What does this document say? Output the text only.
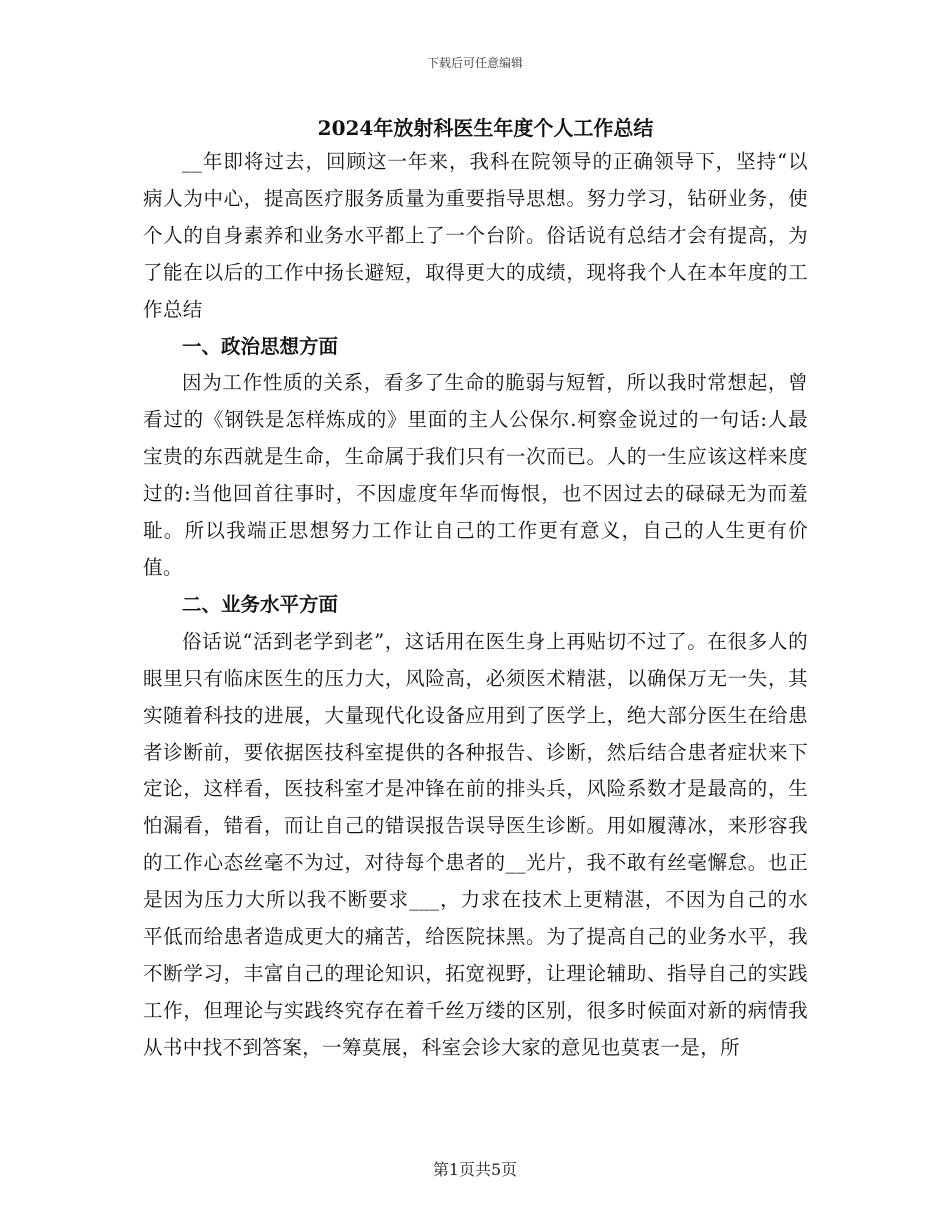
下载后可任意编辑
2024年放射科医生年度个人工作总结

__年即将过去，回顾这一年来，我科在院领导的正确领导下，坚持“以病人为中心，提高医疗服务质量为重要指导思想。努力学习，钻研业务，使个人的自身素养和业务水平都上了一个台阶。俗话说有总结才会有提高，为了能在以后的工作中扬长避短，取得更大的成绩，现将我个人在本年度的工作总结

一、政治思想方面

因为工作性质的关系，看多了生命的脆弱与短暂，所以我时常想起，曾看过的《钢铁是怎样炼成的》里面的主人公保尔.柯察金说过的一句话:人最宝贵的东西就是生命，生命属于我们只有一次而已。人的一生应该这样来度过的:当他回首往事时，不因虚度年华而悔恨，也不因过去的碌碌无为而羞耻。所以我端正思想努力工作让自己的工作更有意义，自己的人生更有价值。

二、业务水平方面

俗话说“活到老学到老”，这话用在医生身上再贴切不过了。在很多人的眼里只有临床医生的压力大，风险高，必须医术精湛，以确保万无一失，其实随着科技的进展，大量现代化设备应用到了医学上，绝大部分医生在给患者诊断前，要依据医技科室提供的各种报告、诊断，然后结合患者症状来下定论，这样看，医技科室才是冲锋在前的排头兵，风险系数才是最高的，生怕漏看，错看，而让自己的错误报告误导医生诊断。用如履薄冰，来形容我的工作心态丝毫不为过，对待每个患者的__光片，我不敢有丝毫懈怠。也正是因为压力大所以我不断要求___，力求在技术上更精湛，不因为自己的水平低而给患者造成更大的痛苦，给医院抹黑。为了提高自己的业务水平，我不断学习，丰富自己的理论知识，拓宽视野，让理论辅助、指导自己的实践工作，但理论与实践终究存在着千丝万缕的区别，很多时候面对新的病情我从书中找不到答案，一筹莫展，科室会诊大家的意见也莫衷一是，所

第1页共5页
